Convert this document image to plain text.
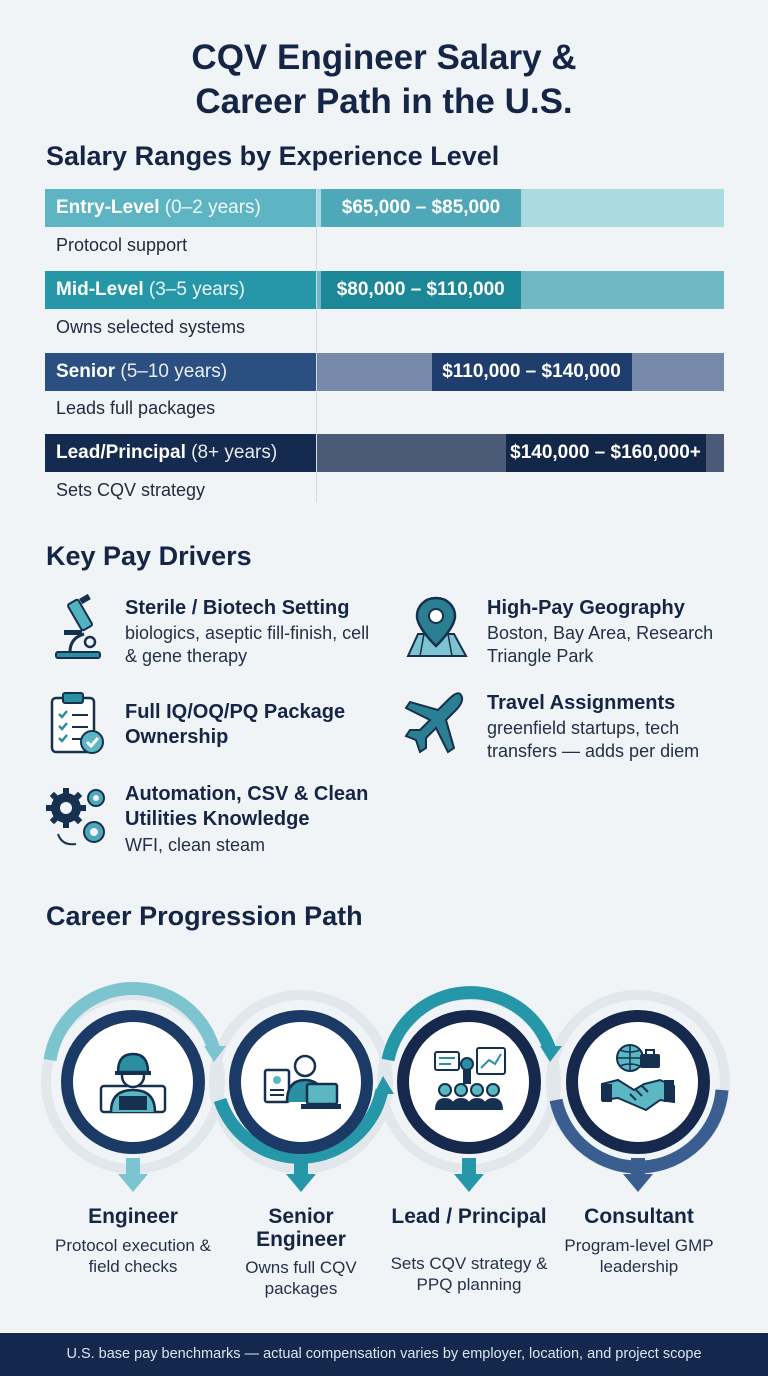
CQV Engineer Salary &
Career Path in the U.S.
Salary Ranges by Experience Level
Entry-Level (0–2 years)	$65,000 – $85,000
Protocol support
Mid-Level (3–5 years)	$80,000 – $110,000
Owns selected systems
Senior (5–10 years)	$110,000 – $140,000
Leads full packages
Lead/Principal (8+ years)	$140,000 – $160,000+
Sets CQV strategy
Key Pay Drivers
Sterile / Biotech Setting
biologics, aseptic fill-finish, cell & gene therapy
High-Pay Geography
Boston, Bay Area, Research Triangle Park
Full IQ/OQ/PQ Package Ownership
Travel Assignments
greenfield startups, tech transfers — adds per diem
Automation, CSV & Clean Utilities Knowledge
WFI, clean steam
Career Progression Path
Engineer
Protocol execution & field checks
Senior Engineer
Owns full CQV packages
Lead / Principal
Sets CQV strategy & PPQ planning
Consultant
Program-level GMP leadership
U.S. base pay benchmarks — actual compensation varies by employer, location, and project scope
